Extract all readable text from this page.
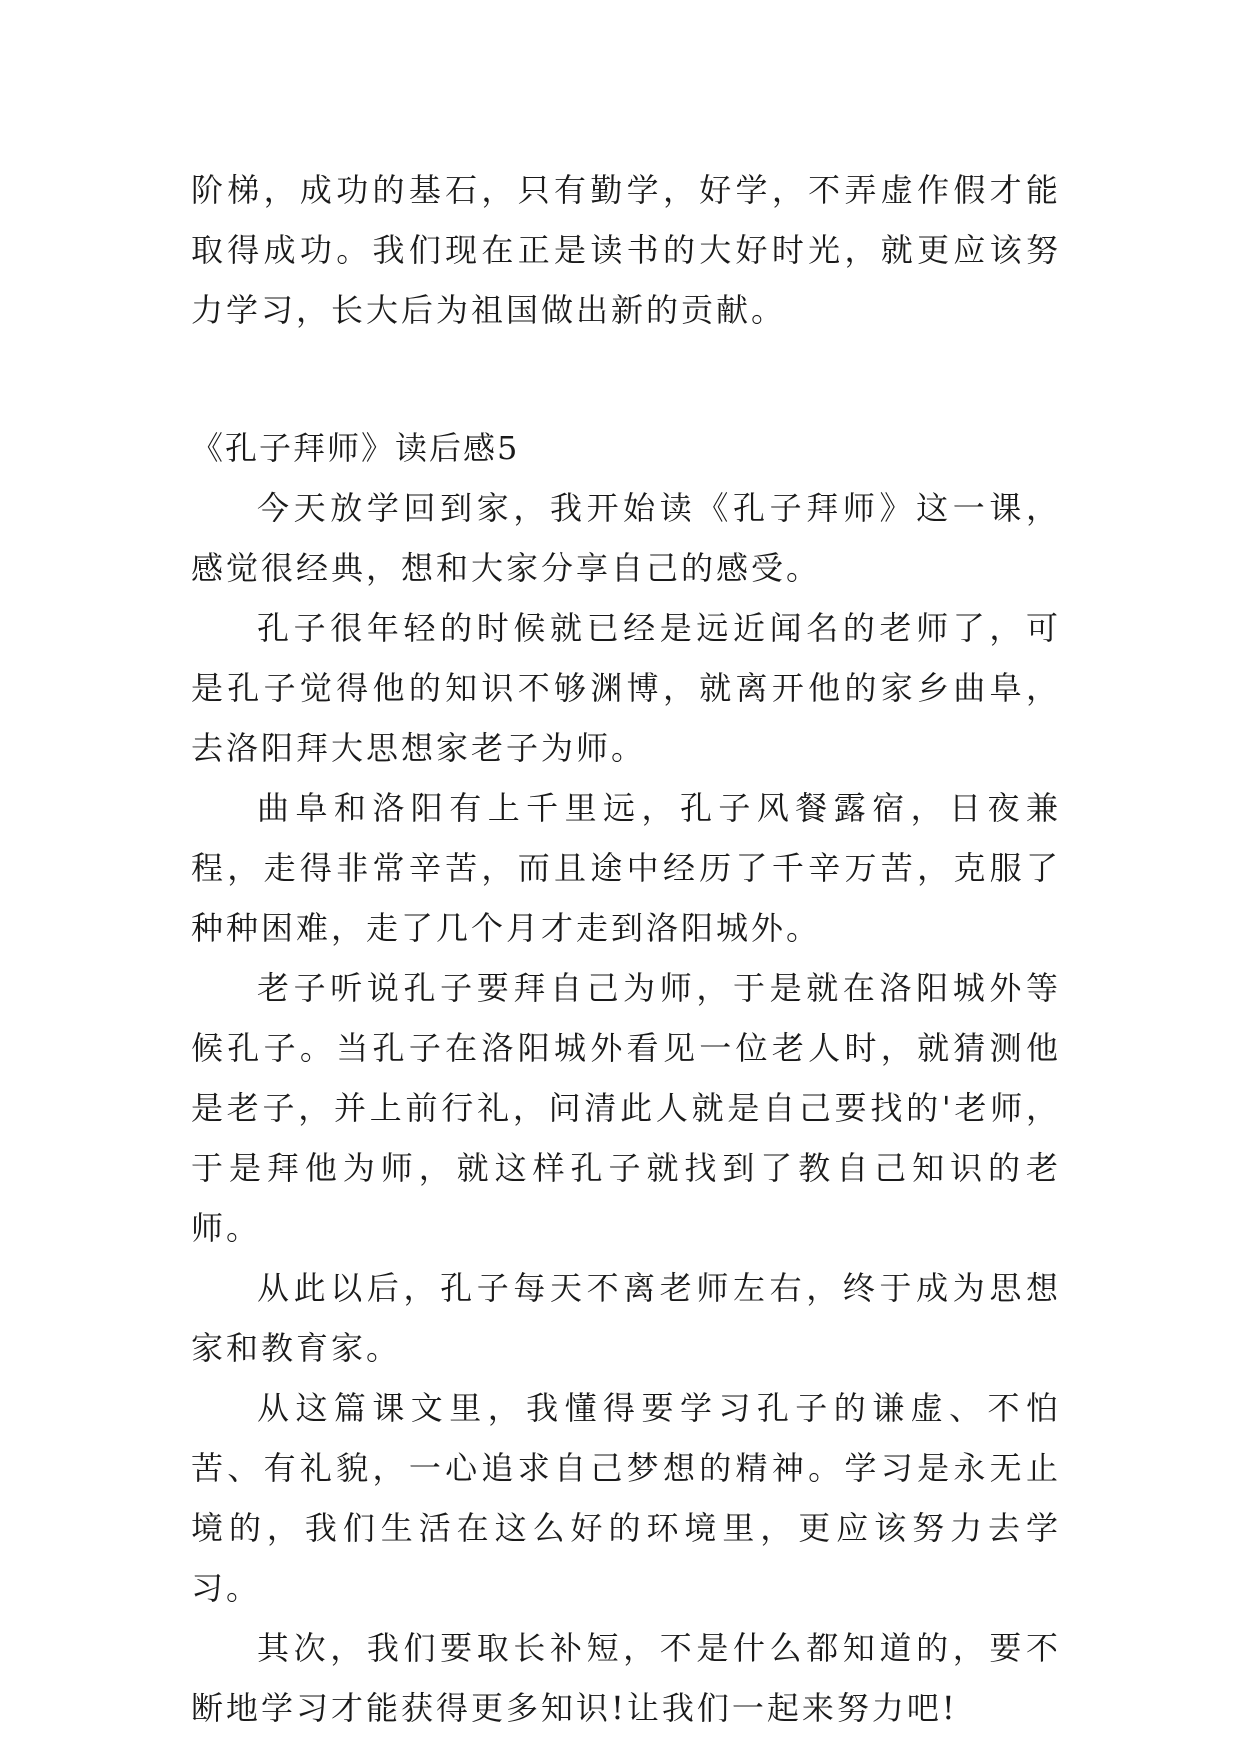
阶梯，成功的基石，只有勤学，好学，不弄虚作假才能取得成功。我们现在正是读书的大好时光，就更应该努力学习，长大后为祖国做出新的贡献。

《孔子拜师》读后感5

今天放学回到家，我开始读《孔子拜师》这一课，感觉很经典，想和大家分享自己的感受。

孔子很年轻的时候就已经是远近闻名的老师了，可是孔子觉得他的知识不够渊博，就离开他的家乡曲阜，去洛阳拜大思想家老子为师。

曲阜和洛阳有上千里远，孔子风餐露宿，日夜兼程，走得非常辛苦，而且途中经历了千辛万苦，克服了种种困难，走了几个月才走到洛阳城外。

老子听说孔子要拜自己为师，于是就在洛阳城外等候孔子。当孔子在洛阳城外看见一位老人时，就猜测他是老子，并上前行礼，问清此人就是自己要找的'老师，于是拜他为师，就这样孔子就找到了教自己知识的老师。

从此以后，孔子每天不离老师左右，终于成为思想家和教育家。

从这篇课文里，我懂得要学习孔子的谦虚、不怕苦、有礼貌，一心追求自己梦想的精神。学习是永无止境的，我们生活在这么好的环境里，更应该努力去学习。

其次，我们要取长补短，不是什么都知道的，要不断地学习才能获得更多知识!让我们一起来努力吧!
